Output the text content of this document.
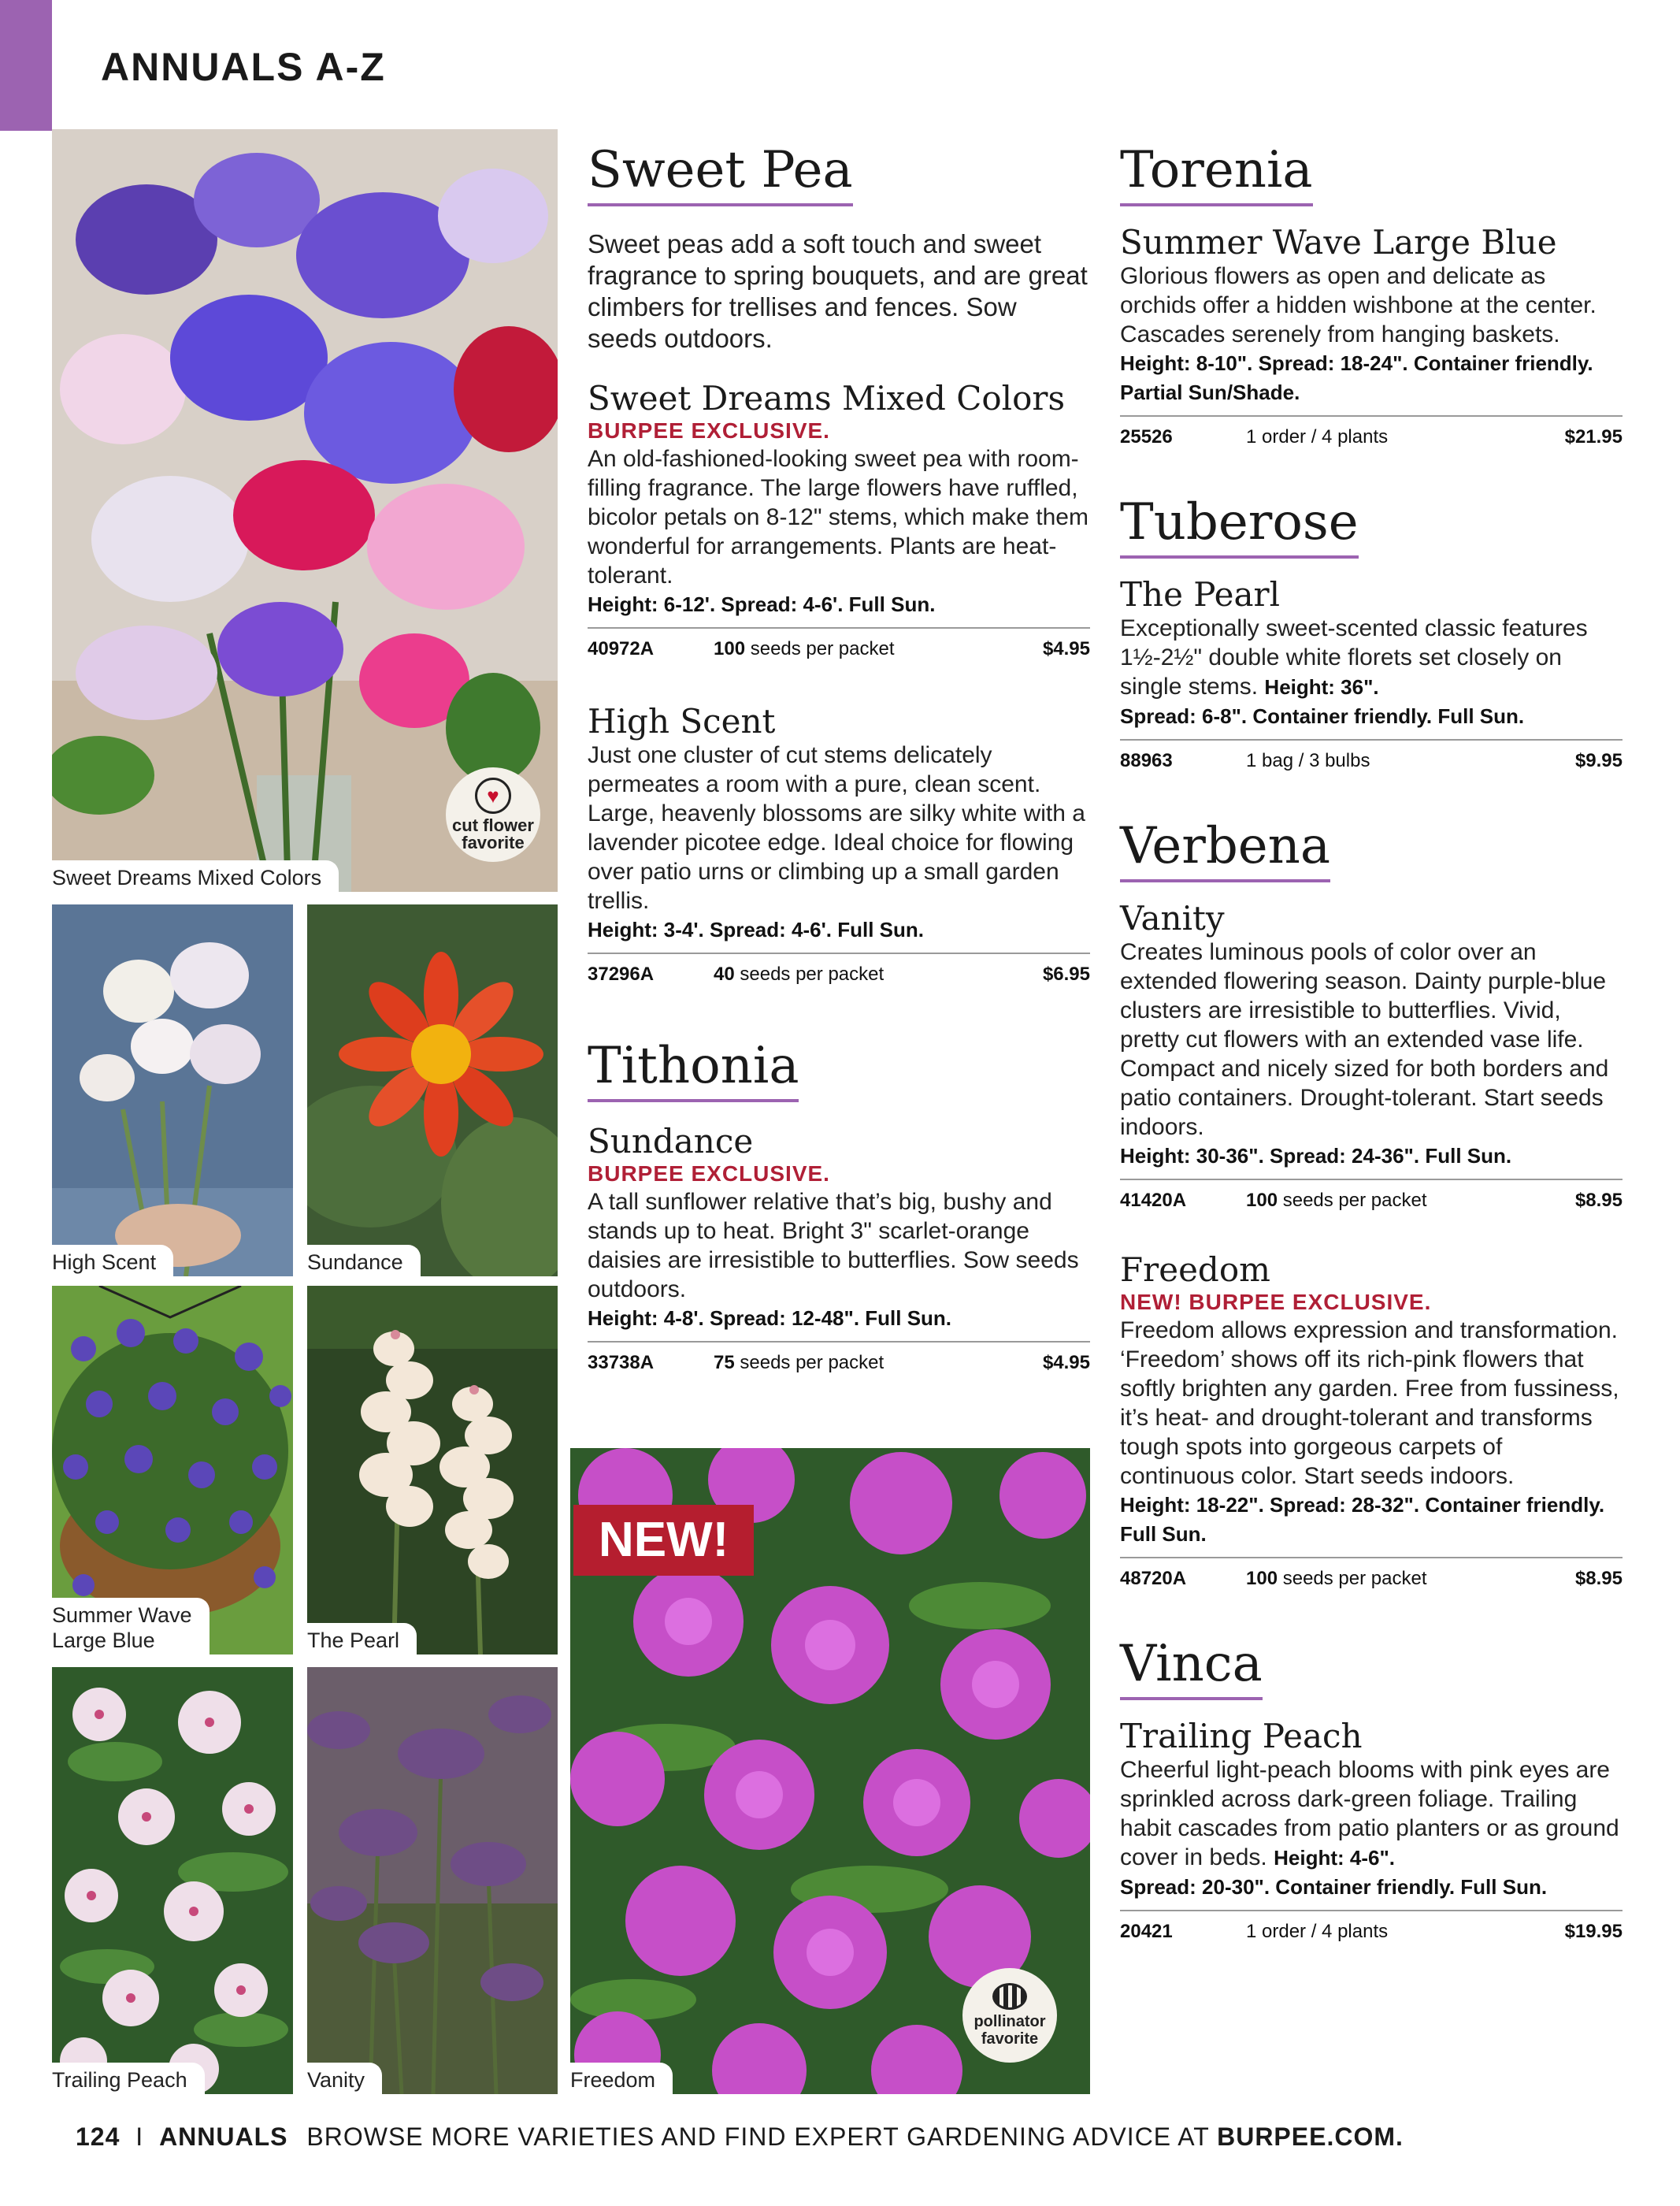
ANNUALS A-Z
♥
cut flower favorite
Sweet Dreams Mixed Colors
High Scent	Sundance
Summer Wave Large Blue	The Pearl
Trailing Peach	Vanity
NEW!
pollinator favorite
Freedom
Sweet Pea
Sweet peas add a soft touch and sweet fragrance to spring bouquets, and are great climbers for trellises and fences. Sow seeds outdoors.
Sweet Dreams Mixed Colors
BURPEE EXCLUSIVE.
An old-fashioned-looking sweet pea with room-filling fragrance. The large flowers have ruffled, bicolor petals on 8-12" stems, which make them wonderful for arrangements. Plants are heat-tolerant.
Height: 6-12'. Spread: 4-6'. Full Sun.
40972A	100 seeds per packet	$4.95
High Scent
Just one cluster of cut stems delicately permeates a room with a pure, clean scent. Large, heavenly blossoms are silky white with a lavender picotee edge. Ideal choice for flowing over patio urns or climbing up a small garden trellis.
Height: 3-4'. Spread: 4-6'. Full Sun.
37296A	40 seeds per packet	$6.95
Tithonia
Sundance
BURPEE EXCLUSIVE.
A tall sunflower relative that’s big, bushy and stands up to heat. Bright 3" scarlet-orange daisies are irresistible to butterflies. Sow seeds outdoors.
Height: 4-8'. Spread: 12-48". Full Sun.
33738A	75 seeds per packet	$4.95
Torenia
Summer Wave Large Blue
Glorious flowers as open and delicate as orchids offer a hidden wishbone at the center. Cascades serenely from hanging baskets.
Height: 8-10". Spread: 18-24". Container friendly. Partial Sun/Shade.
25526	1 order / 4 plants	$21.95
Tuberose
The Pearl
Exceptionally sweet-scented classic features 1½-2½" double white florets set closely on single stems. Height: 36".
Spread: 6-8". Container friendly. Full Sun.
88963	1 bag / 3 bulbs	$9.95
Verbena
Vanity
Creates luminous pools of color over an extended flowering season. Dainty purple-blue clusters are irresistible to butterflies. Vivid, pretty cut flowers with an extended vase life. Compact and nicely sized for both borders and patio containers. Drought-tolerant. Start seeds indoors.
Height: 30-36". Spread: 24-36". Full Sun.
41420A	100 seeds per packet	$8.95
Freedom
NEW! BURPEE EXCLUSIVE.
Freedom allows expression and transformation. ‘Freedom’ shows off its rich-pink flowers that softly brighten any garden. Free from fussiness, it’s heat- and drought-tolerant and transforms tough spots into gorgeous carpets of continuous color. Start seeds indoors.
Height: 18-22". Spread: 28-32". Container friendly. Full Sun.
48720A	100 seeds per packet	$8.95
Vinca
Trailing Peach
Cheerful light-peach blooms with pink eyes are sprinkled across dark-green foliage. Trailing habit cascades from patio planters or as ground cover in beds. Height: 4-6".
Spread: 20-30". Container friendly. Full Sun.
20421	1 order / 4 plants	$19.95
124 I ANNUALS BROWSE MORE VARIETIES AND FIND EXPERT GARDENING ADVICE AT BURPEE.COM.
